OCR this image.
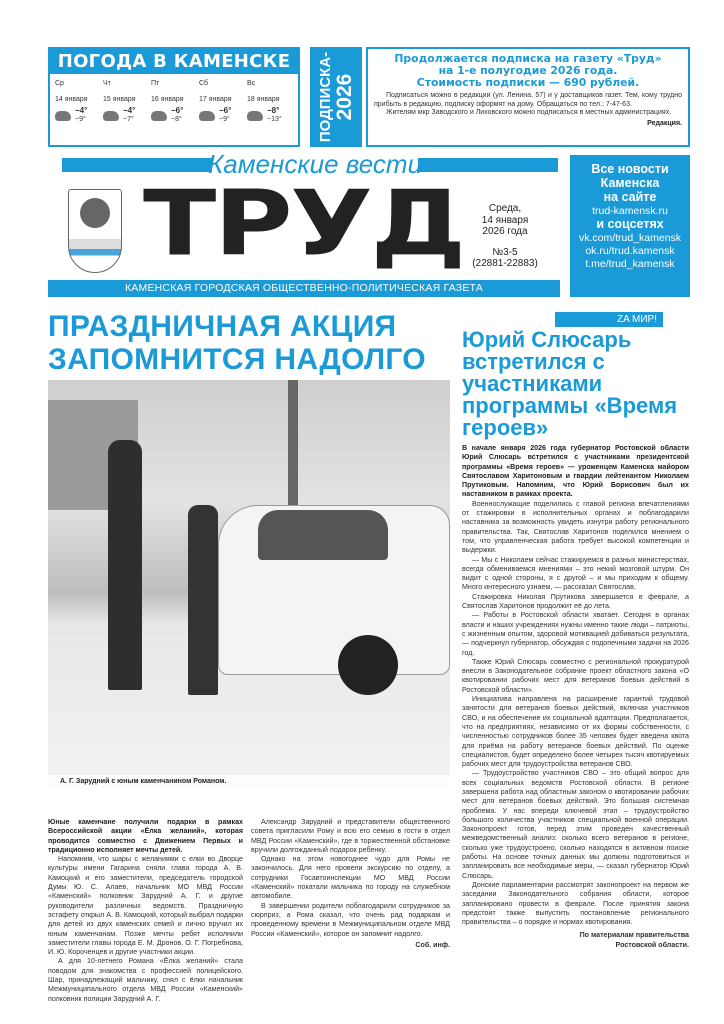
ПОГОДА В КАМЕНСКЕ
Ср
14 января
−4°
−9°
Чт
15 января
−4°
−7°
Пт
16 января
−6°
−8°
Сб
17 января
−6°
−9°
Вс
18 января
−8°
−13° ПОДПИСКА-
2026
Продолжается подписка на газету «Труд»
на 1-е полугодие 2026 года.
Стоимость подписки — 690 рублей.

Подписаться можно в редакции (ул. Ленина, 57) и у доставщиков газет. Тем, кому трудно прибыть в редакцию, подписку оформят на дому. Обращаться по тел.: 7-47-63.

Жителям мкр Заводского и Лиховского можно подписаться в местных администрациях.

Редакция.
Каменские вести
ТРУД	Среда,
14 января
2026 года
№3-5
(22881-22883)
КАМЕНСКАЯ ГОРОДСКАЯ ОБЩЕСТВЕННО-ПОЛИТИЧЕСКАЯ ГАЗЕТА
Все новости
Каменска
на сайте
trud-kamensk.ru
и соцсетях
vk.com/trud_kamensk
ok.ru/trud.kamensk
t.me/trud_kamensk
ПРАЗДНИЧНАЯ АКЦИЯ ЗАПОМНИТСЯ НАДОЛГО
А. Г. Зарудний с юным каменчанином Романом.

Юные каменчане получили подарки в рамках Всероссийской акции «Ёлка желаний», которая проводится совместно с Движением Первых и традиционно исполняет мечты детей.

Напомним, что шары с желаниями с елки во Дворце культуры имени Гагарина сняли глава города А. В. Камоцкий и его заместители, председатель городской Думы Ю. С. Алаев, начальник МО МВД России «Каменский» полковник Зарудний А. Г. и другие руководители различных ведомств. Праздничную эстафету открыл А. В. Камоцкий, который выбрал подарки для детей из двух каменских семей и лично вручил их юным каменчанам. Позже мечты ребят исполнили заместители главы города Е. М. Дронов, О. Г. Погребнова, И. Ю. Короченцев и другие участники акции.

А для 10-летнего Романа «Ёлка желаний» стала поводом для знакомства с профессией полицейского. Шар, принадлежащий мальчику, снял с ёлки начальник Межмуниципального отдела МВД России «Каменский» полковник полиции Зарудний А. Г.

Александр Зарудний и представители общественного совета пригласили Рому и всю его семью в гости в отдел МВД России «Каменский», где в торжественной обстановке вручили долгожданный подарок ребенку.

Однако на этом новогоднее чудо для Ромы не закончилось. Для него провели экскурсию по отделу, а сотрудники Госавтоинспекции МО МВД России «Каменский» покатали мальчика по городу на служебном автомобиле.

В завершении родители поблагодарили сотрудников за сюрприз, а Рома сказал, что очень рад подаркам и проведенному времени в Межмуниципальном отделе МВД России «Каменский», которое он запомнит надолго.

Соб. инф.

ZA МИР!
Юрий Слюсарь встретился с участниками программы «Время героев»

В начале января 2026 года губернатор Ростовской области Юрий Слюсарь встретился с участниками президентской программы «Время героев» — уроженцем Каменска майором Святославом Харитоновым и гвардии лейтенантом Николаем Прутиковым. Напомним, что Юрий Борисович был их наставником в рамках проекта.

Военнослужащие поделились с главой региона впечатлениями от стажировки в исполнительных органах и поблагодарили наставника за возможность увидеть изнутри работу регионального правительства. Так, Святослав Харитонов поделился мнением о том, что управленческая работа требует высокой компетенции и выдержки.

— Мы с Николаем сейчас стажируемся в разных министерствах, всегда обмениваемся мнениями – это некий мозговой штурм. Он видит с одной стороны, я с другой – и мы приходим к общему. Много интересного узнаем, — рассказал Святослав.

Стажировка Николая Прутикова завершается в феврале, а Святослав Харитонов продолжит её до лета.

— Работы в Ростовской области хватает. Сегодня в органах власти и наших учреждениях нужны именно такие люди – патриоты, с жизненным опытом, здоровой мотивацией добиваться результата, — подчеркнул губернатор, обсуждая с подопечными задачи на 2026 год.

Также Юрий Слюсарь совместно с региональной прокуратурой внесли в Законодательное собрание проект областного закона «О квотировании рабочих мест для ветеранов боевых действий в Ростовской области».

Инициатива направлена на расширение гарантий трудовой занятости для ветеранов боевых действий, включая участников СВО, и на обеспечение их социальной адаптации. Предполагается, что на предприятиях, независимо от их формы собственности, с численностью сотрудников более 35 человек будет введена квота для приёма на работу ветеранов боевых действий. По оценке специалистов, будет определено более четырех тысяч квотируемых рабочих мест для трудоустройства ветеранов СВО.

— Трудоустройство участников СВО – это общий вопрос для всех социальных ведомств Ростовской области. В регионе завершена работа над областным законом о квотировании рабочих мест для ветеранов боевых действий. Это большая системная проблема. У нас впереди ключевой этап – трудоустройство большого количества участников специальной военной операции. Законопроект готов, перед этим проведен качественный межведомственный анализ: сколько всего ветеранов в регионе, сколько уже трудоустроено, сколько находятся в активном поиске работы. На основе точных данных мы должны подготовиться и запланировать все необходимые меры, — сказал губернатор Юрий Слюсарь.

Донские парламентарии рассмотрят законопроект на первом же заседании Законодательного собрания области, которое запланировано провести в феврале. После принятия закона предстоит также выпустить постановление регионального правительства – о порядке и нормах квотирования.

По материалам правительства

Ростовской области.
